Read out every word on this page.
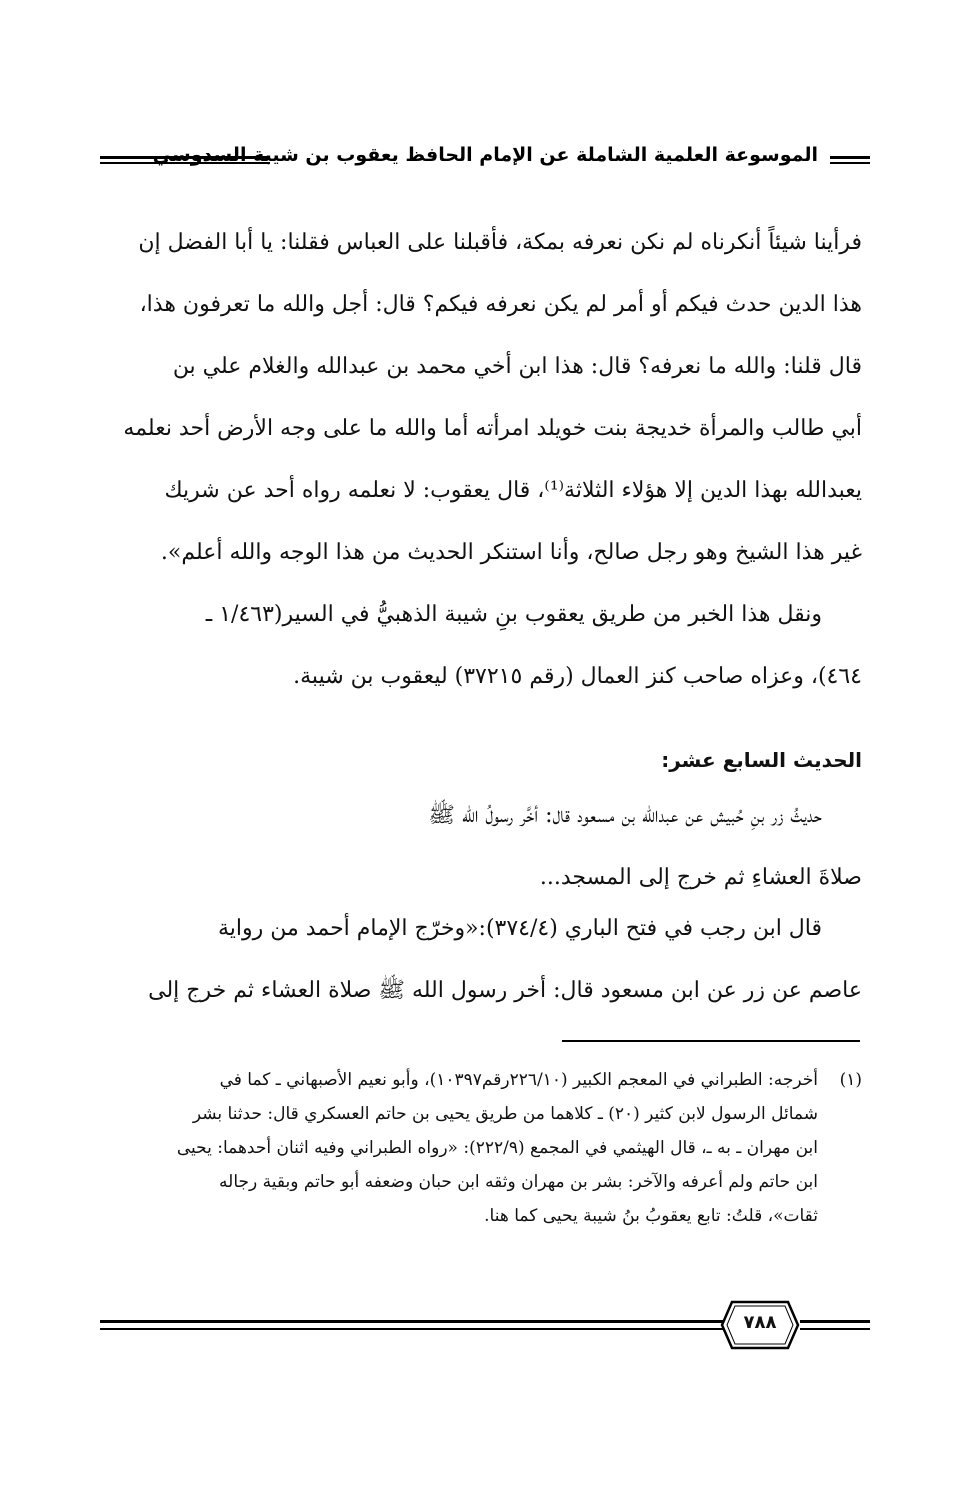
الموسوعة العلمية الشاملة عن الإمام الحافظ يعقوب بن شيبة السدوسي

فرأينا شيئاً أنكرناه لم نكن نعرفه بمكة، فأقبلنا على العباس فقلنا: يا أبا الفضل إن

هذا الدين حدث فيكم أو أمر لم يكن نعرفه فيكم؟ قال: أجل والله ما تعرفون هذا،

قال قلنا: والله ما نعرفه؟ قال: هذا ابن أخي محمد بن عبدالله والغلام علي بن

أبي طالب والمرأة خديجة بنت خويلد امرأته أما والله ما على وجه الأرض أحد نعلمه

يعبدالله بهذا الدين إلا هؤلاء الثلاثة⁽¹⁾، قال يعقوب: لا نعلمه رواه أحد عن شريك

غير هذا الشيخ وهو رجل صالح، وأنا استنكر الحديث من هذا الوجه والله أعلم».

ونقل هذا الخبر من طريق يعقوب بنِ شيبة الذهبيُّ في السير(١/٤٦٣ ـ

٤٦٤)، وعزاه صاحب كنز العمال (رقم ٣٧٢١٥) ليعقوب بن شيبة.

الحديث السابع عشر:

حديثُ زر بنِ حُبيش عن عبدالله بن مسعود قال: أخَّر رسولُ الله ﷺ

صلاةَ العشاءِ ثم خرج إلى المسجد...

قال ابن رجب في فتح الباري (٣٧٤/٤):«وخرّج الإمام أحمد من رواية

عاصم عن زر عن ابن مسعود قال: أخر رسول الله ﷺ صلاة العشاء ثم خرج إلى

(١)أخرجه: الطبراني في المعجم الكبير (٢٢٦/١٠رقم١٠٣٩٧)، وأبو نعيم الأصبهاني ـ كما في

شمائل الرسول لابن كثير (٢٠) ـ كلاهما من طريق يحيى بن حاتم العسكري قال: حدثنا بشر

ابن مهران ـ به ـ، قال الهيثمي في المجمع (٢٢٢/٩): «رواه الطبراني وفيه اثنان أحدهما: يحيى

ابن حاتم ولم أعرفه والآخر: بشر بن مهران وثقه ابن حبان وضعفه أبو حاتم وبقية رجاله

ثقات»، قلتُ: تابع يعقوبُ بنُ شيبة يحيى كما هنا.

٧٨٨
